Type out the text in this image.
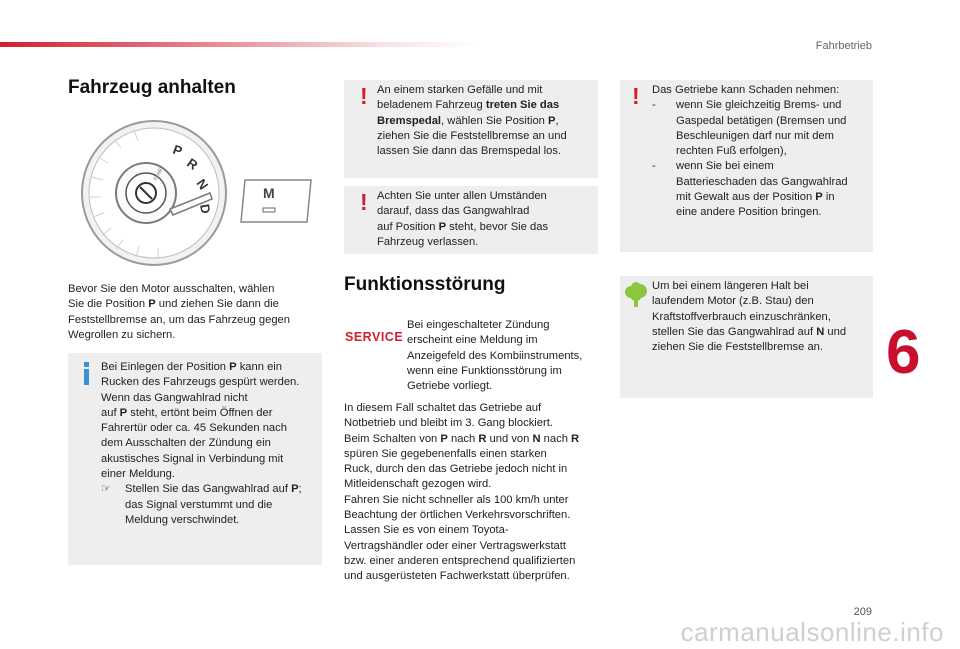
Fahrbetrieb
Fahrzeug anhalten
P
R
N
D
START
M
Bevor Sie den Motor ausschalten, wählen
Sie die Position P und ziehen Sie dann die
Feststellbremse an, um das Fahrzeug gegen
Wegrollen zu sichern.
Bei Einlegen der Position P kann ein
Rucken des Fahrzeugs gespürt werden.
Wenn das Gangwahlrad nicht
auf P steht, ertönt beim Öffnen der
Fahrertür oder ca. 45 Sekunden nach
dem Ausschalten der Zündung ein
akustisches Signal in Verbindung mit
einer Meldung.
☞	Stellen Sie das Gangwahlrad auf P;
das Signal verstummt und die
Meldung verschwindet.
! An einem starken Gefälle und mit
beladenem Fahrzeug treten Sie das
Bremspedal, wählen Sie Position P,
ziehen Sie die Feststellbremse an und
lassen Sie dann das Bremspedal los.
! Achten Sie unter allen Umständen
darauf, dass das Gangwahlrad
auf Position P steht, bevor Sie das
Fahrzeug verlassen.
Funktionsstörung
SERVICE
Bei eingeschalteter Zündung
erscheint eine Meldung im
Anzeigefeld des Kombiinstruments,
wenn eine Funktionsstörung im
Getriebe vorliegt.
In diesem Fall schaltet das Getriebe auf
Notbetrieb und bleibt im 3. Gang blockiert.
Beim Schalten von P nach R und von N nach R
spüren Sie gegebenenfalls einen starken
Ruck, durch den das Getriebe jedoch nicht in
Mitleidenschaft gezogen wird.
Fahren Sie nicht schneller als 100 km/h unter
Beachtung der örtlichen Verkehrsvorschriften.
Lassen Sie es von einem Toyota-
Vertragshändler oder einer Vertragswerkstatt
bzw. einer anderen entsprechend qualifizierten
und ausgerüsteten Fachwerkstatt überprüfen.
! Das Getriebe kann Schaden nehmen:
-	wenn Sie gleichzeitig Brems- und
Gaspedal betätigen (Bremsen und
Beschleunigen darf nur mit dem
rechten Fuß erfolgen),
-	wenn Sie bei einem
Batterieschaden das Gangwahlrad
mit Gewalt aus der Position P in
eine andere Position bringen.
Um bei einem längeren Halt bei
laufendem Motor (z.B. Stau) den
Kraftstoffverbrauch einzuschränken,
stellen Sie das Gangwahlrad auf N und
ziehen Sie die Feststellbremse an.	6
209
carmanualsonline.info
